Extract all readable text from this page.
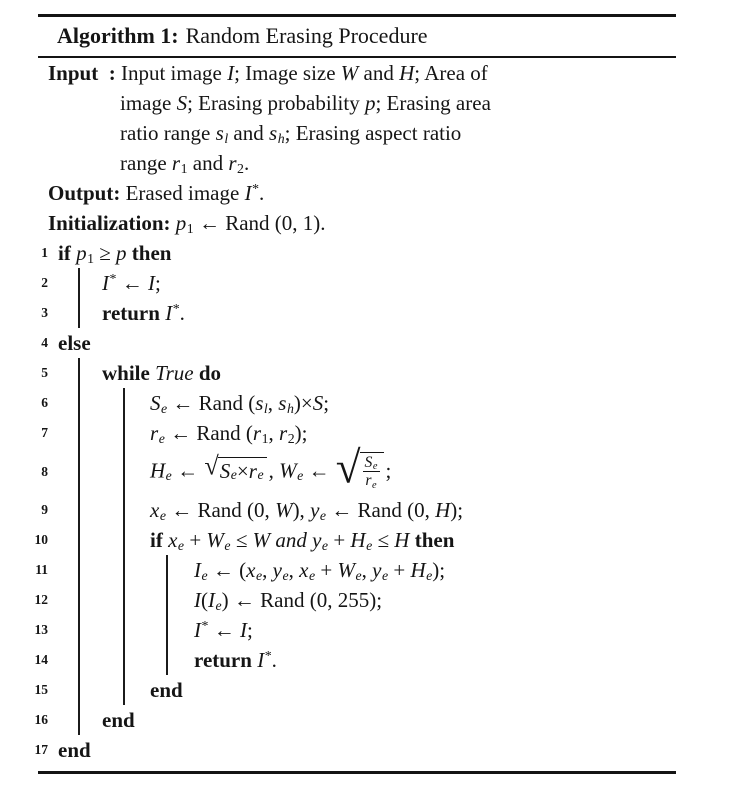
Algorithm 1: Random Erasing Procedure
Input  : Input image I; Image size W and H; Area of
image S; Erasing probability p; Erasing area
ratio range $s_l$ and $s_h$; Erasing aspect ratio
range $r_1$ and $r_2$.
Output: Erased image I*.
Initialization: $p_1$ ← Rand (0, 1).
1 if $p_1 \ge p$ then
2	I* ← I;
3	return I*.
4 else
5	while True do
6	$S_e$ ← Rand ($s_l$, $s_h)\times S$;
7	$r_e$ ← Rand ($r_1$, $r_2$);
8	$H_e$ ← √ S $_e$ × r $_e$ , $W_e$ ← √ $\frac{S_e}{r_e}$ ;
9	$x_e$ ← Rand (0, W), $y_e$ ← Rand (0, H);
10	if $x_e + W_e \le W$ and $y_e + H_e \le H$ then
11	$I_e$ ← ($x_e$, $y_e$, $x_e + W_e$, $y_e + H_e$);
12	$I(I_e)$ ← Rand (0, 255);
13	I* ← I;
14	return I*.
15	end
16	end
17 end
